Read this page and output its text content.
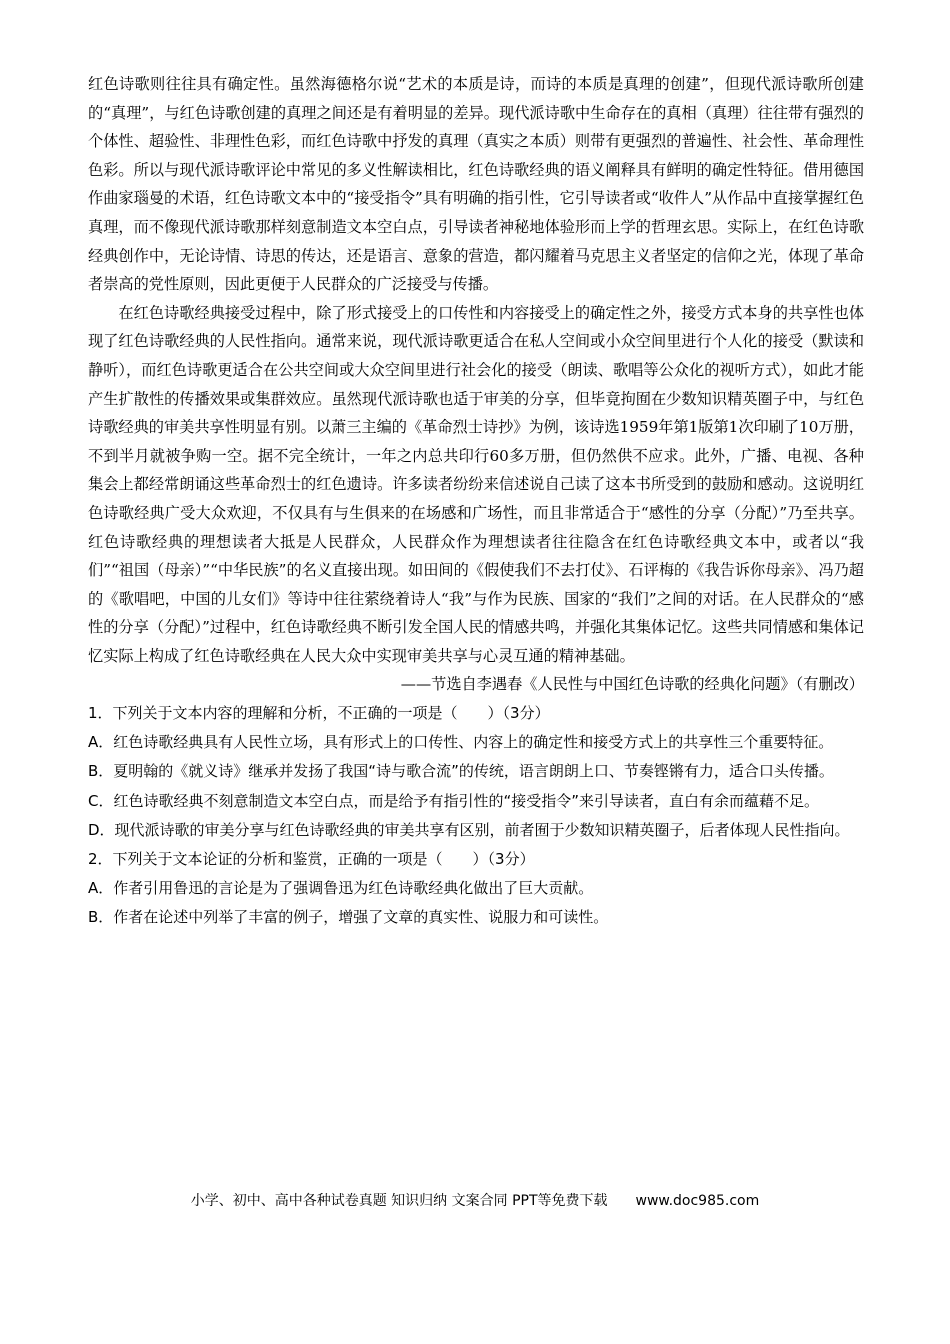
红色诗歌则往往具有确定性。虽然海德格尔说“艺术的本质是诗，而诗的本质是真理的创建”，但现代派诗歌所创建的“真理”，与红色诗歌创建的真理之间还是有着明显的差异。现代派诗歌中生命存在的真相（真理）往往带有强烈的个体性、超验性、非理性色彩，而红色诗歌中抒发的真理（真实之本质）则带有更强烈的普遍性、社会性、革命理性色彩。所以与现代派诗歌评论中常见的多义性解读相比，红色诗歌经典的语义阐释具有鲜明的确定性特征。借用德国作曲家瑙曼的术语，红色诗歌文本中的“接受指令”具有明确的指引性，它引导读者或“收件人”从作品中直接掌握红色真理，而不像现代派诗歌那样刻意制造文本空白点，引导读者神秘地体验形而上学的哲理玄思。实际上，在红色诗歌经典创作中，无论诗情、诗思的传达，还是语言、意象的营造，都闪耀着马克思主义者坚定的信仰之光，体现了革命者崇高的党性原则，因此更便于人民群众的广泛接受与传播。

在红色诗歌经典接受过程中，除了形式接受上的口传性和内容接受上的确定性之外，接受方式本身的共享性也体现了红色诗歌经典的人民性指向。通常来说，现代派诗歌更适合在私人空间或小众空间里进行个人化的接受（默读和静听），而红色诗歌更适合在公共空间或大众空间里进行社会化的接受（朗读、歌唱等公众化的视听方式），如此才能产生扩散性的传播效果或集群效应。虽然现代派诗歌也适于审美的分享，但毕竟拘囿在少数知识精英圈子中，与红色诗歌经典的审美共享性明显有别。以萧三主编的《革命烈士诗抄》为例，该诗选1959年第1版第1次印刷了10万册，不到半月就被争购一空。据不完全统计，一年之内总共印行60多万册，但仍然供不应求。此外，广播、电视、各种集会上都经常朗诵这些革命烈士的红色遗诗。许多读者纷纷来信述说自己读了这本书所受到的鼓励和感动。这说明红色诗歌经典广受大众欢迎，不仅具有与生俱来的在场感和广场性，而且非常适合于“感性的分享（分配）”乃至共享。红色诗歌经典的理想读者大抵是人民群众，人民群众作为理想读者往往隐含在红色诗歌经典文本中，或者以“我们”“祖国（母亲）”“中华民族”的名义直接出现。如田间的《假使我们不去打仗》、石评梅的《我告诉你母亲》、冯乃超的《歌唱吧，中国的儿女们》等诗中往往萦绕着诗人“我”与作为民族、国家的“我们”之间的对话。在人民群众的“感性的分享（分配）”过程中，红色诗歌经典不断引发全国人民的情感共鸣，并强化其集体记忆。这些共同情感和集体记忆实际上构成了红色诗歌经典在人民大众中实现审美共享与心灵互通的精神基础。

——节选自李遇春《人民性与中国红色诗歌的经典化问题》（有删改）

1．下列关于文本内容的理解和分析，不正确的一项是（　　）（3分）

A．红色诗歌经典具有人民性立场，具有形式上的口传性、内容上的确定性和接受方式上的共享性三个重要特征。

B．夏明翰的《就义诗》继承并发扬了我国“诗与歌合流”的传统，语言朗朗上口、节奏铿锵有力，适合口头传播。

C．红色诗歌经典不刻意制造文本空白点，而是给予有指引性的“接受指令”来引导读者，直白有余而蕴藉不足。

D．现代派诗歌的审美分享与红色诗歌经典的审美共享有区别，前者囿于少数知识精英圈子，后者体现人民性指向。

2．下列关于文本论证的分析和鉴赏，正确的一项是（　　）（3分）

A．作者引用鲁迅的言论是为了强调鲁迅为红色诗歌经典化做出了巨大贡献。

B．作者在论述中列举了丰富的例子，增强了文章的真实性、说服力和可读性。

小学、初中、高中各种试卷真题 知识归纳 文案合同 PPT等免费下载　　www.doc985.com
